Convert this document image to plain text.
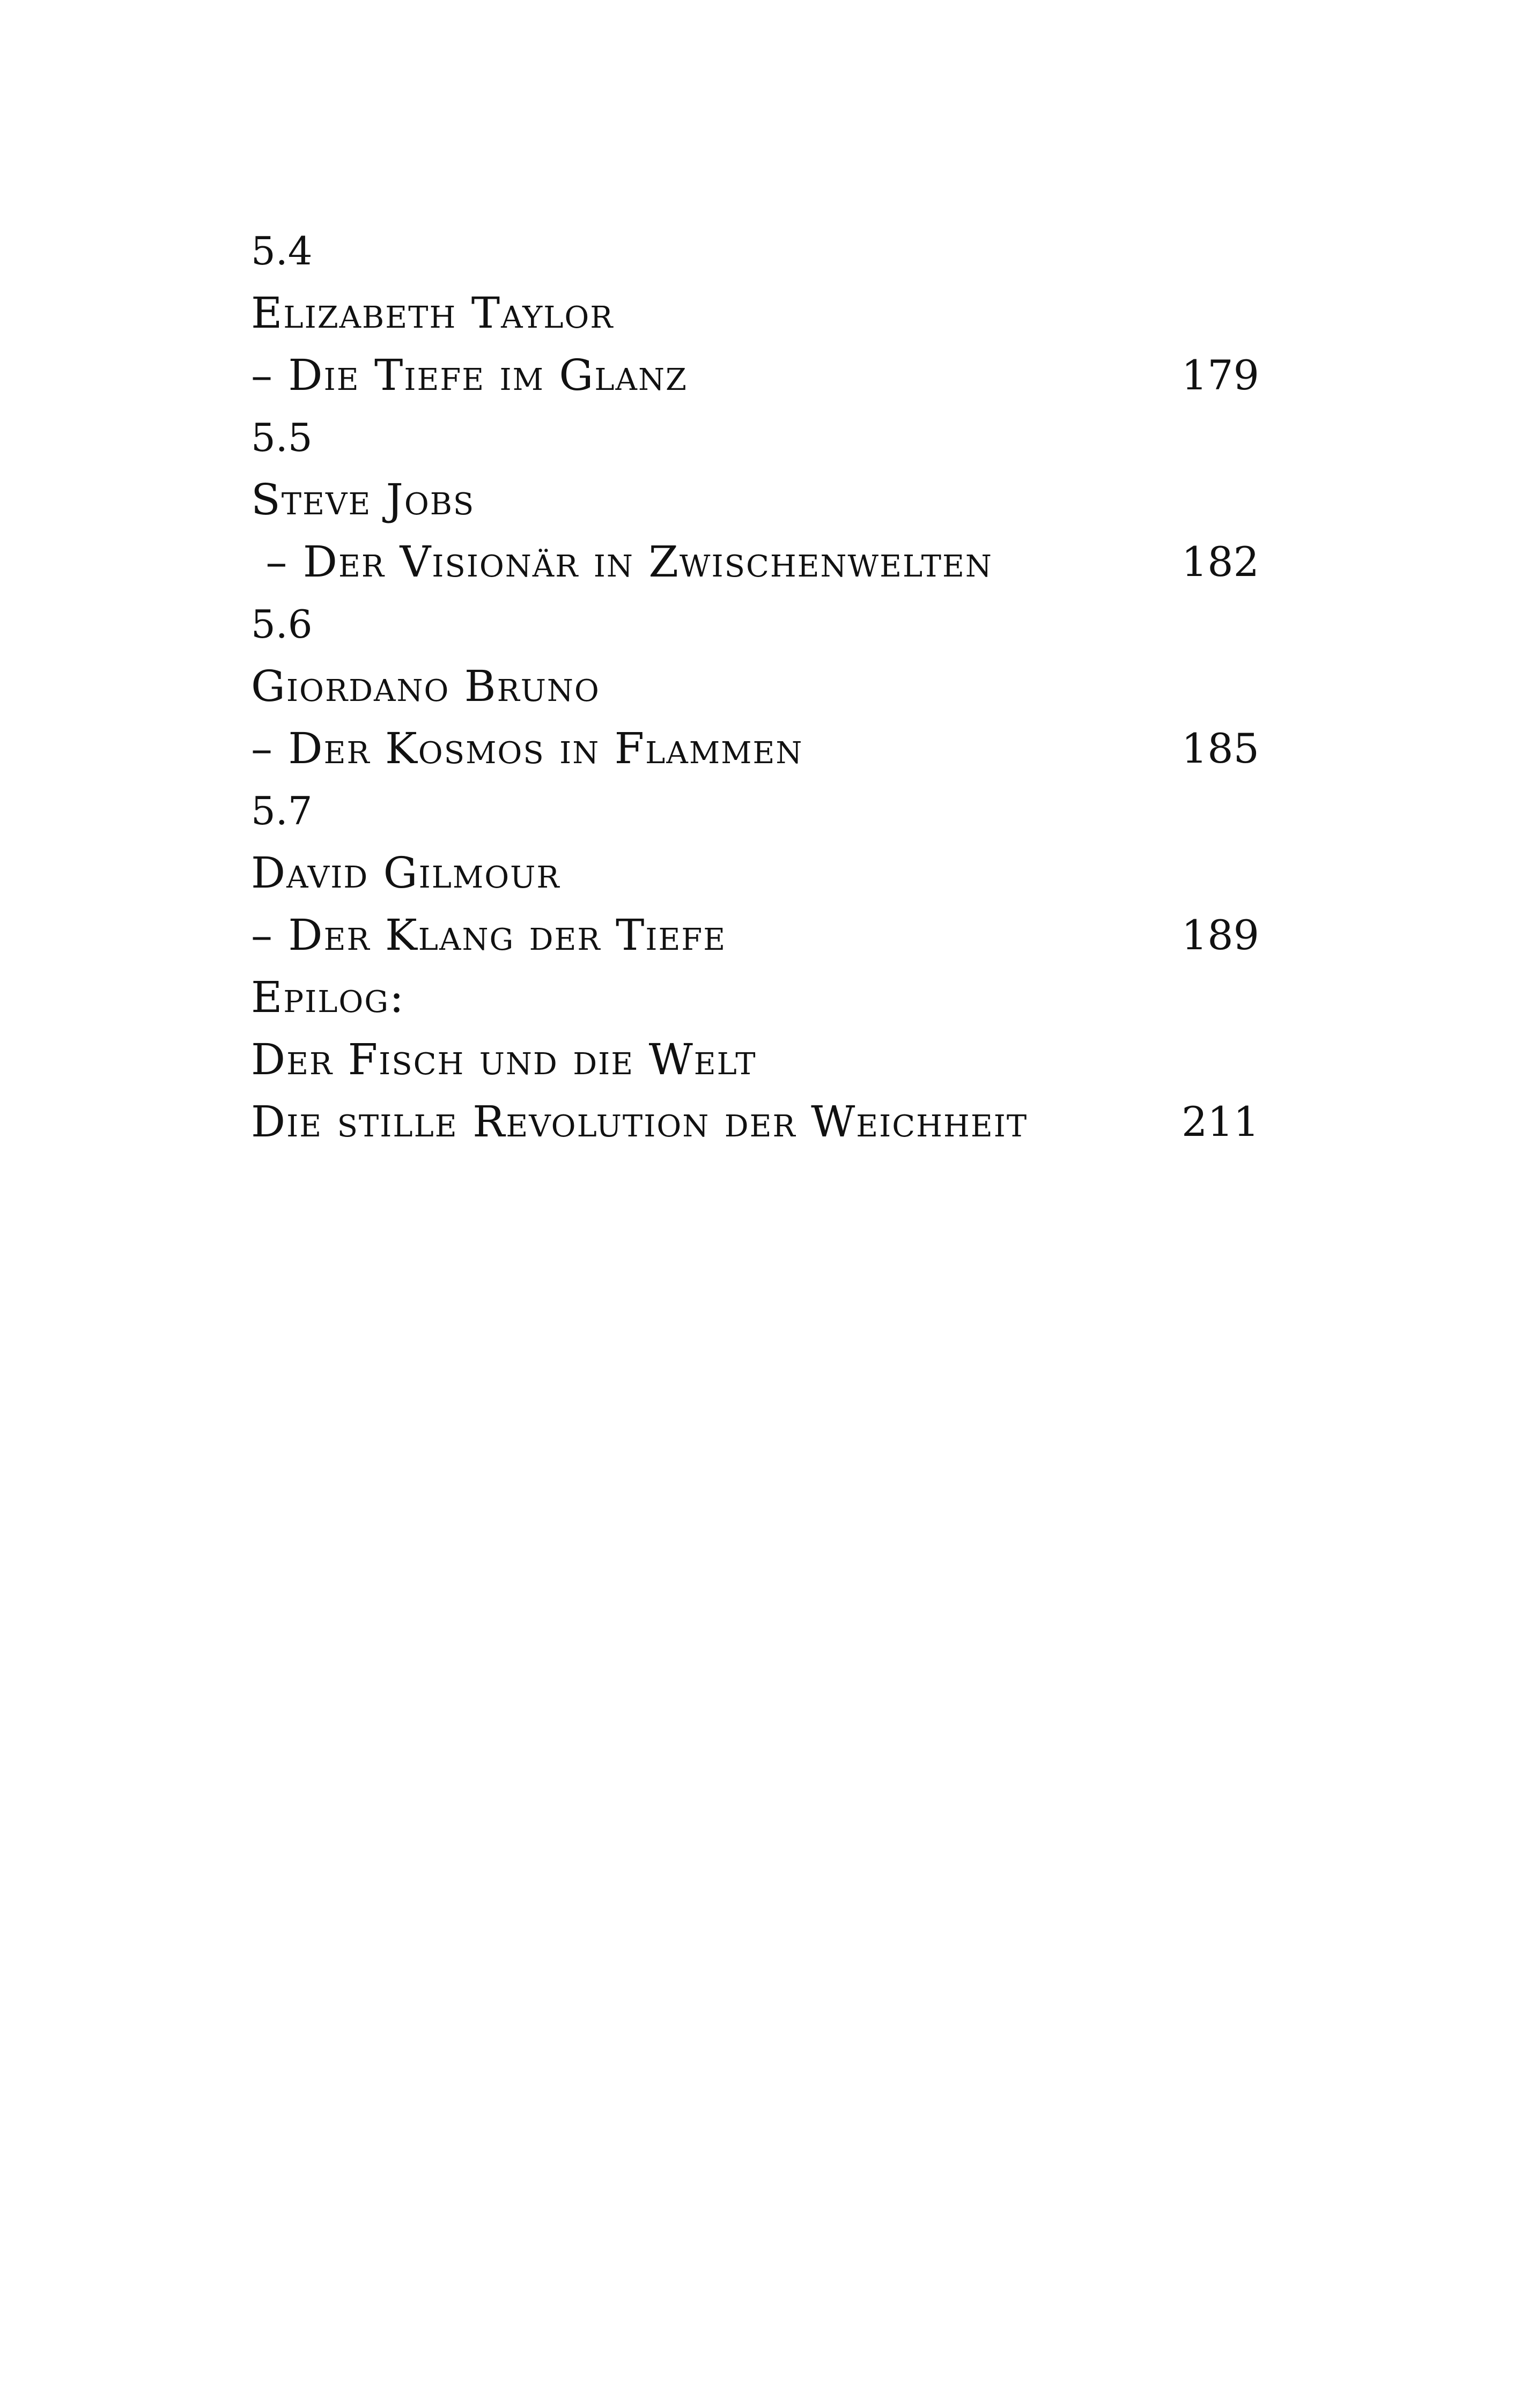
5.4
Elizabeth Taylor
– Die Tiefe im Glanz	179
5.5
Steve Jobs
– Der Visionär in Zwischenwelten	182
5.6
Giordano Bruno
– Der Kosmos in Flammen	185
5.7
David Gilmour
– Der Klang der Tiefe	189
Epilog:
Der Fisch und die Welt
Die stille Revolution der Weichheit	211
